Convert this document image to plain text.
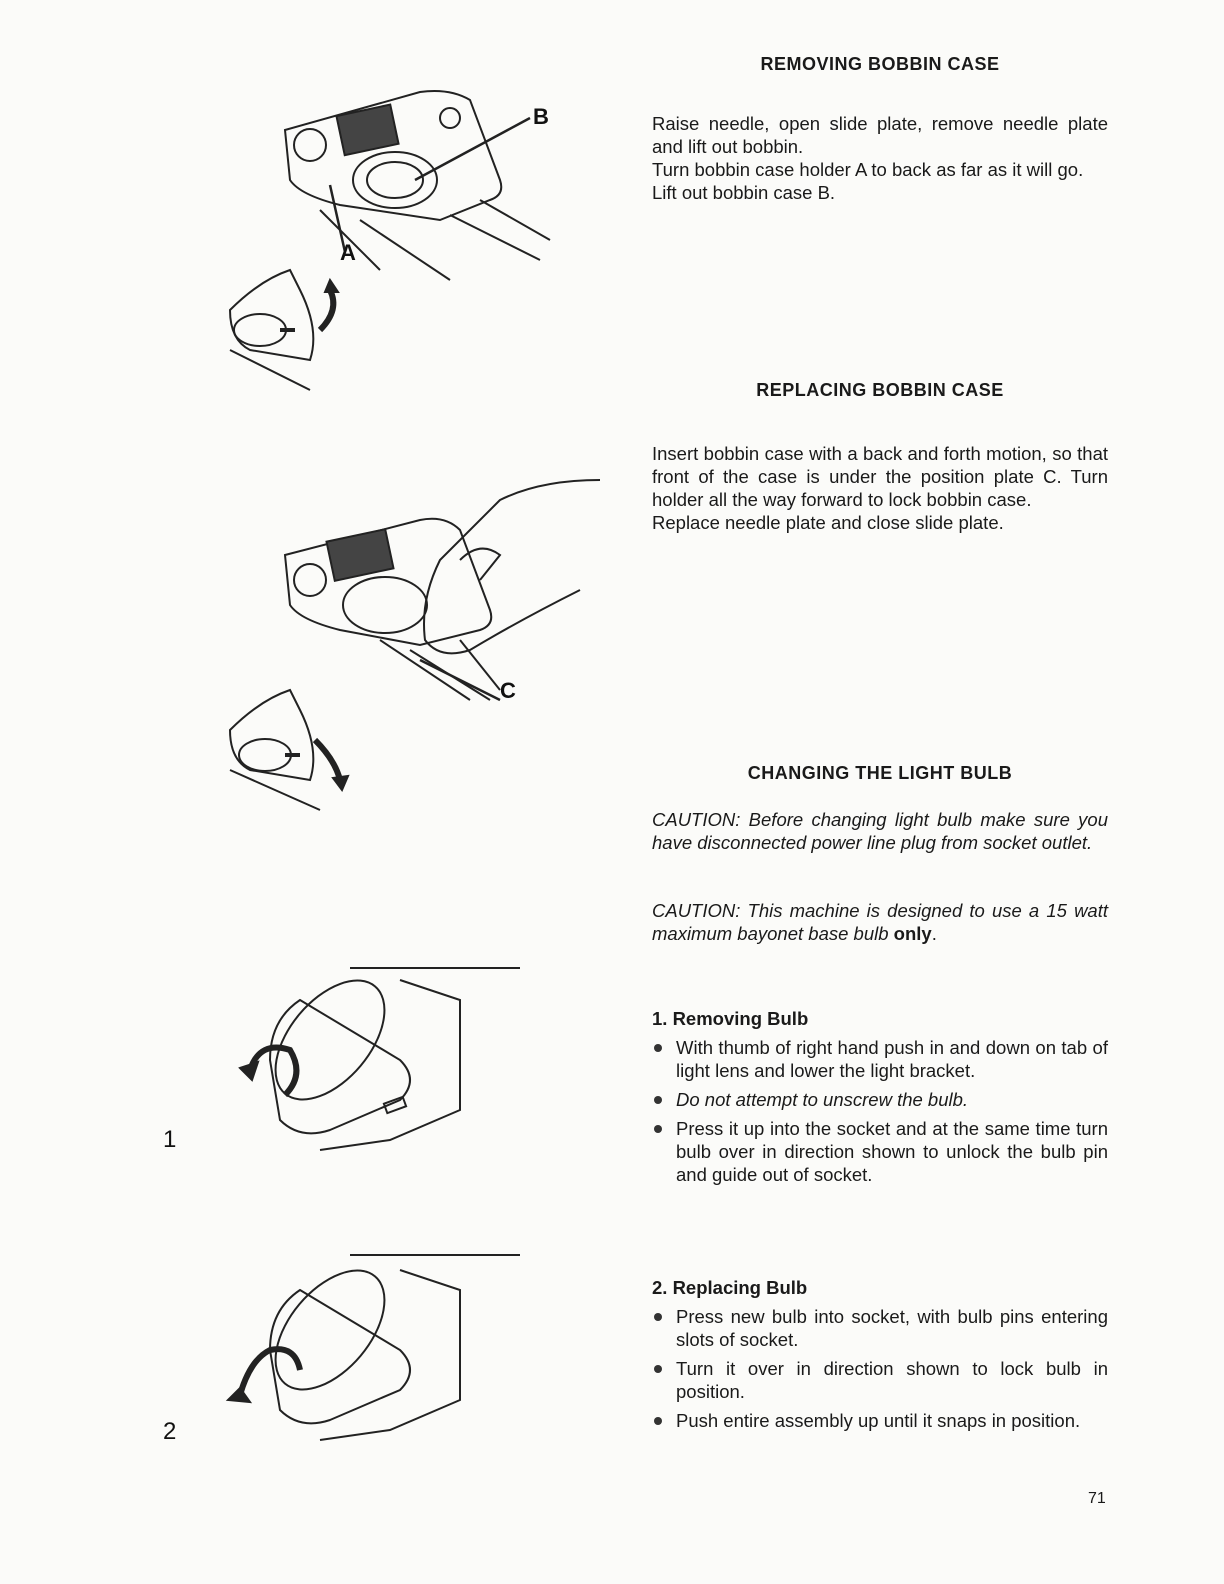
B
A
C
1
2
REMOVING BOBBIN CASE

Raise needle, open slide plate, remove needle plate and lift out bobbin.
Turn bobbin case holder A to back as far as it will go.
Lift out bobbin case B.

REPLACING BOBBIN CASE

Insert bobbin case with a back and forth motion, so that front of the case is under the position plate C. Turn holder all the way forward to lock bobbin case.
Replace needle plate and close slide plate.

CHANGING THE LIGHT BULB

CAUTION: Before changing light bulb make sure you have disconnected power line plug from socket outlet.

CAUTION: This machine is designed to use a 15 watt maximum bayonet base bulb only.

1. Removing Bulb

With thumb of right hand push in and down on tab of light lens and lower the light bracket.
Do not attempt to unscrew the bulb.
Press it up into the socket and at the same time turn bulb over in direction shown to unlock the bulb pin and guide out of socket.

2. Replacing Bulb

Press new bulb into socket, with bulb pins entering slots of socket.
Turn it over in direction shown to lock bulb in position.
Push entire assembly up until it snaps in position.
71
